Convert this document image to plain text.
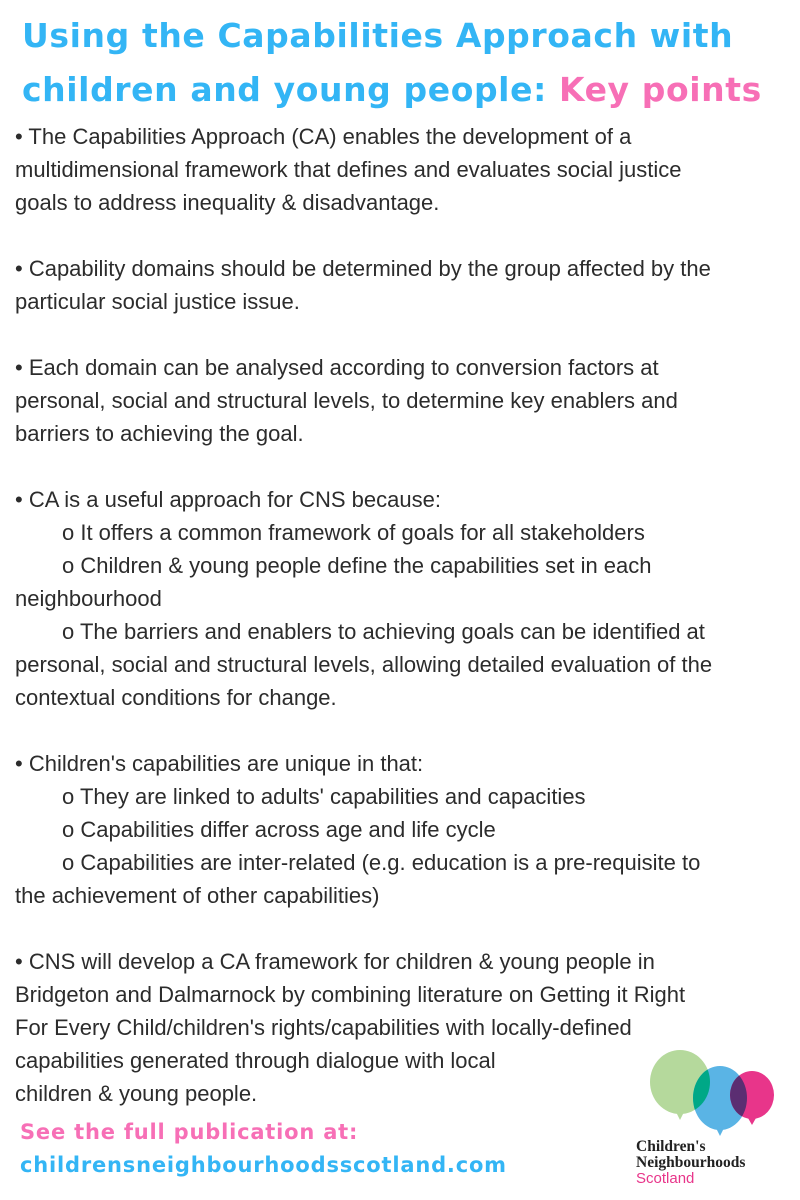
Using the Capabilities Approach with
children and young people: Key points
• The Capabilities Approach (CA) enables the development of a
multidimensional framework that defines and evaluates social justice
goals to address inequality & disadvantage.
• Capability domains should be determined by the group affected by the
particular social justice issue.
• Each domain can be analysed according to conversion factors at
personal, social and structural levels, to determine key enablers and
barriers to achieving the goal.
• CA is a useful approach for CNS because:
o It offers a common framework of goals for all stakeholders
o Children & young people define the capabilities set in each
neighbourhood
o The barriers and enablers to achieving goals can be identified at
personal, social and structural levels, allowing detailed evaluation of the
contextual conditions for change.
• Children's capabilities are unique in that:
o They are linked to adults' capabilities and capacities
o Capabilities differ across age and life cycle
o Capabilities are inter-related (e.g. education is a pre-requisite to
the achievement of other capabilities)
• CNS will develop a CA framework for children & young people in
Bridgeton and Dalmarnock by combining literature on Getting it Right
For Every Child/children's rights/capabilities with locally-defined
capabilities generated through dialogue with local
children & young people.
See the full publication at:
childrensneighbourhoodsscotland.com
Children's
Neighbourhoods
Scotland
